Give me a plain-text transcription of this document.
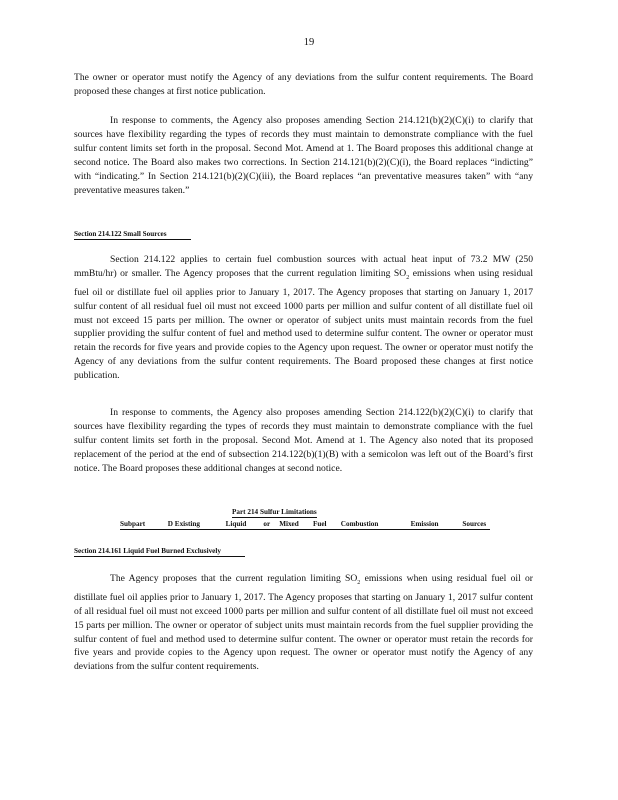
19

The owner or operator must notify the Agency of any deviations from the sulfur content requirements. The Board proposed these changes at first notice publication.

In response to comments, the Agency also proposes amending Section 214.121(b)(2)(C)(i) to clarify that sources have flexibility regarding the types of records they must maintain to demonstrate compliance with the fuel sulfur content limits set forth in the proposal. Second Mot. Amend at 1. The Board proposes this additional change at second notice. The Board also makes two corrections. In Section 214.121(b)(2)(C)(i), the Board replaces “indicting” with “indicating.” In Section 214.121(b)(2)(C)(iii), the Board replaces “an preventative measures taken” with “any preventative measures taken.”

Section 214.122 Small Sources

Section 214.122 applies to certain fuel combustion sources with actual heat input of 73.2 MW (250 mmBtu/hr) or smaller. The Agency proposes that the current regulation limiting $SO_2$ emissions when using residual fuel oil or distillate fuel oil applies prior to January 1, 2017. The Agency proposes that starting on January 1, 2017 sulfur content of all residual fuel oil must not exceed 1000 parts per million and sulfur content of all distillate fuel oil must not exceed 15 parts per million. The owner or operator of subject units must maintain records from the fuel supplier providing the sulfur content of fuel and method used to determine sulfur content. The owner or operator must retain the records for five years and provide copies to the Agency upon request. The owner or operator must notify the Agency of any deviations from the sulfur content requirements. The Board proposed these changes at first notice publication.

In response to comments, the Agency also proposes amending Section 214.122(b)(2)(C)(i) to clarify that sources have flexibility regarding the types of records they must maintain to demonstrate compliance with the fuel sulfur content limits set forth in the proposal. Second Mot. Amend at 1. The Agency also noted that its proposed replacement of the period at the end of subsection 214.122(b)(1)(B) with a semicolon was left out of the Board’s first notice. The Board proposes these additional changes at second notice.

Part 214 Sulfur Limitations
Subpart	D Existing	Liquid or Mixed Fuel Combustion	Emission	Sources
Section 214.161 Liquid Fuel Burned Exclusively

The Agency proposes that the current regulation limiting $SO_2$ emissions when using residual fuel oil or distillate fuel oil applies prior to January 1, 2017. The Agency proposes that starting on January 1, 2017 sulfur content of all residual fuel oil must not exceed 1000 parts per million and sulfur content of all distillate fuel oil must not exceed 15 parts per million. The owner or operator of subject units must maintain records from the fuel supplier providing the sulfur content of fuel and method used to determine sulfur content. The owner or operator must retain the records for five years and provide copies to the Agency upon request. The owner or operator must notify the Agency of any deviations from the sulfur content requirements.
